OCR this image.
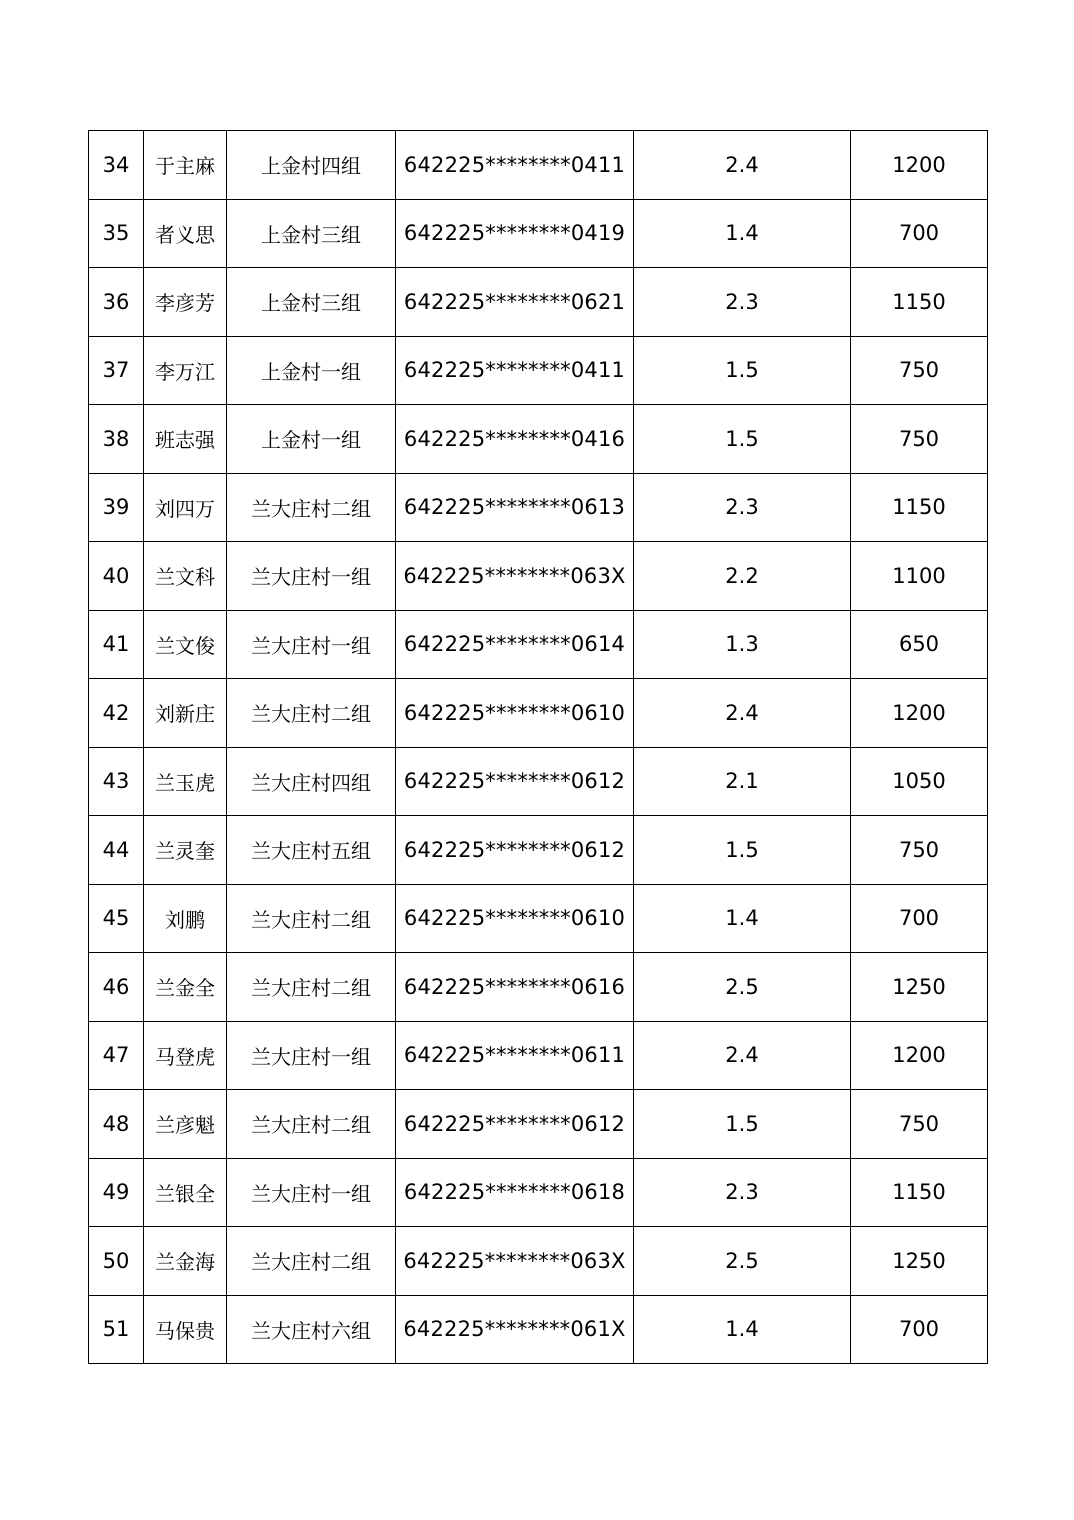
34	于主麻	上金村四组	642225********0411	2.4	1200
35	者义思	上金村三组	642225********0419	1.4	700
36	李彦芳	上金村三组	642225********0621	2.3	1150
37	李万江	上金村一组	642225********0411	1.5	750
38	班志强	上金村一组	642225********0416	1.5	750
39	刘四万	兰大庄村二组	642225********0613	2.3	1150
40	兰文科	兰大庄村一组	642225********063X	2.2	1100
41	兰文俊	兰大庄村一组	642225********0614	1.3	650
42	刘新庄	兰大庄村二组	642225********0610	2.4	1200
43	兰玉虎	兰大庄村四组	642225********0612	2.1	1050
44	兰灵奎	兰大庄村五组	642225********0612	1.5	750
45	刘鹏	兰大庄村二组	642225********0610	1.4	700
46	兰金全	兰大庄村二组	642225********0616	2.5	1250
47	马登虎	兰大庄村一组	642225********0611	2.4	1200
48	兰彦魁	兰大庄村二组	642225********0612	1.5	750
49	兰银全	兰大庄村一组	642225********0618	2.3	1150
50	兰金海	兰大庄村二组	642225********063X	2.5	1250
51	马保贵	兰大庄村六组	642225********061X	1.4	700
